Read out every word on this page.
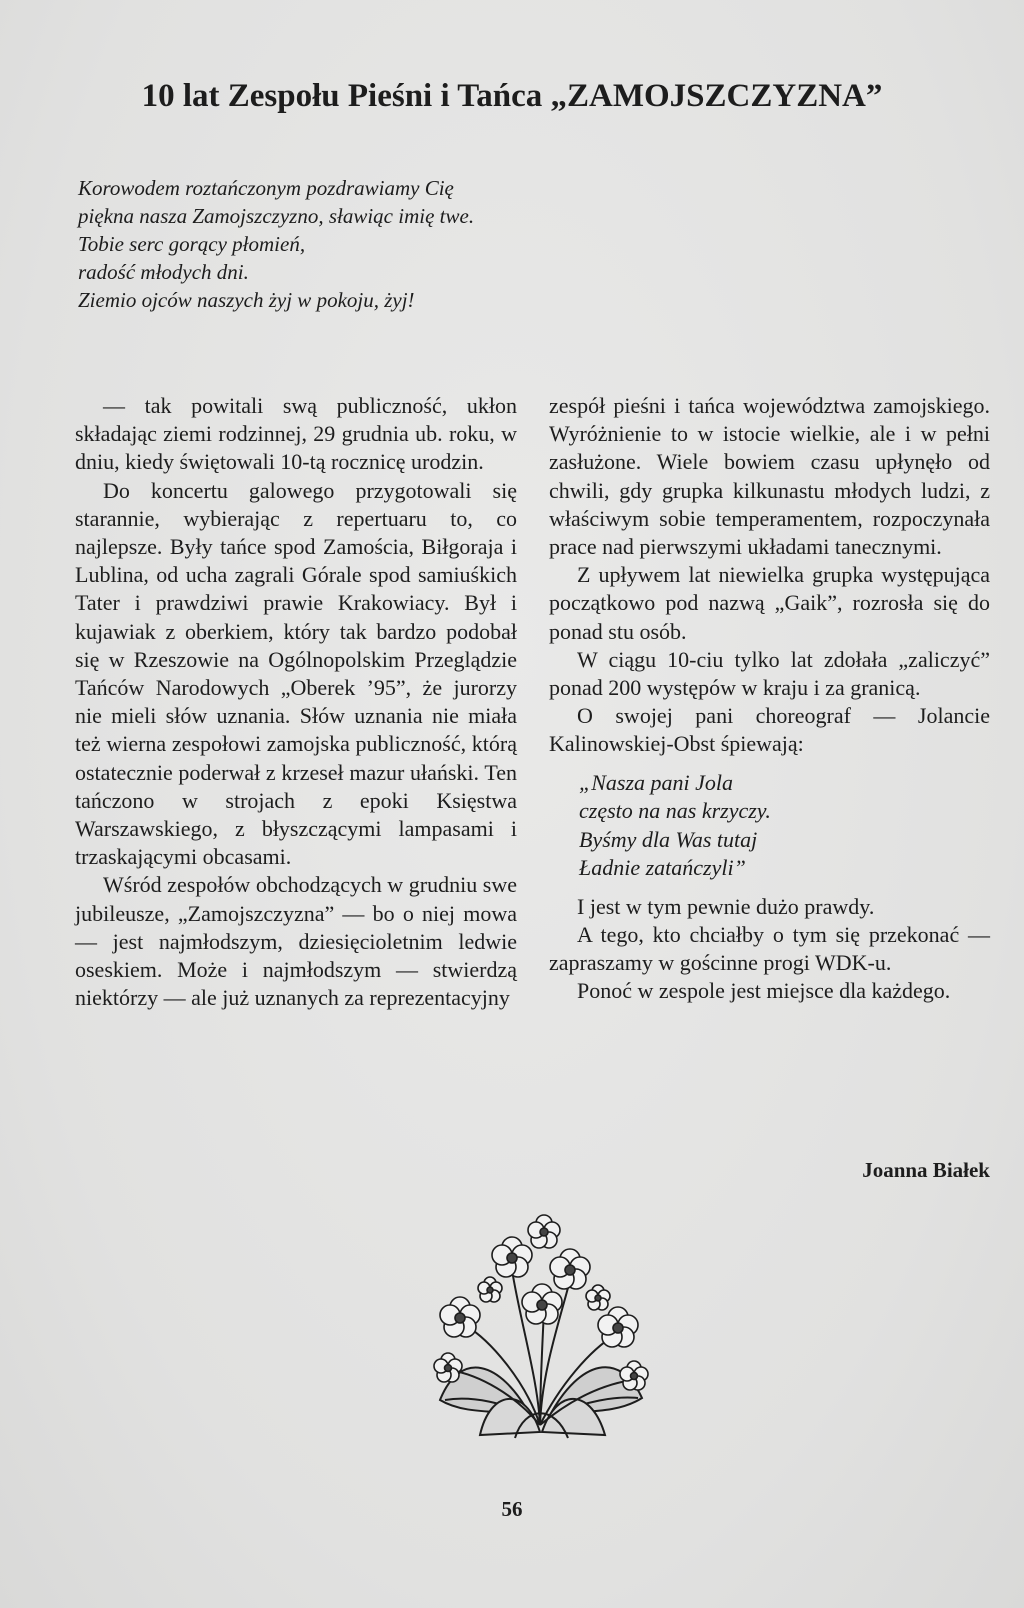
10 lat Zespołu Pieśni i Tańca „ZAMOJSZCZYZNA”
Korowodem roztańczonym pozdrawiamy Cię
piękna nasza Zamojszczyzno, sławiąc imię twe.
Tobie serc gorący płomień,
radość młodych dni.
Ziemio ojców naszych żyj w pokoju, żyj!

— tak powitali swą publiczność, ukłon składając ziemi rodzinnej, 29 grudnia ub. roku, w dniu, kiedy świętowali 10-tą rocznicę urodzin.

Do koncertu galowego przygotowali się starannie, wybierając z repertuaru to, co najlepsze. Były tańce spod Zamościa, Biłgoraja i Lublina, od ucha zagrali Górale spod samiuśkich Tater i prawdziwi prawie Krakowiacy. Był i kujawiak z oberkiem, który tak bardzo podobał się w Rzeszowie na Ogólnopolskim Przeglądzie Tańców Narodowych „Oberek ’95”, że jurorzy nie mieli słów uznania. Słów uznania nie miała też wierna zespołowi zamojska publiczność, którą ostatecznie poderwał z krzeseł mazur ułański. Ten tańczono w strojach z epoki Księstwa Warszawskiego, z błyszczącymi lampasami i trzaskającymi obcasami.

Wśród zespołów obchodzących w grudniu swe jubileusze, „Zamojszczyzna” — bo o niej mowa — jest najmłodszym, dziesięcioletnim ledwie oseskiem. Może i najmłodszym — stwierdzą niektórzy — ale już uznanych za reprezentacyjny

zespół pieśni i tańca województwa zamojskiego. Wyróżnienie to w istocie wielkie, ale i w pełni zasłużone. Wiele bowiem czasu upłynęło od chwili, gdy grupka kilkunastu młodych ludzi, z właściwym sobie temperamentem, rozpoczynała prace nad pierwszymi układami tanecznymi.

Z upływem lat niewielka grupka występująca początkowo pod nazwą „Gaik”, rozrosła się do ponad stu osób.

W ciągu 10-ciu tylko lat zdołała „zaliczyć” ponad 200 występów w kraju i za granicą.

O swojej pani choreograf — Jolancie Kalinowskiej-Obst śpiewają:

„Nasza pani Jola
często na nas krzyczy.
Byśmy dla Was tutaj
Ładnie zatańczyli”

I jest w tym pewnie dużo prawdy.

A tego, kto chciałby o tym się przekonać — zapraszamy w gościnne progi WDK-u.

Ponoć w zespole jest miejsce dla każdego.

Joanna Białek
56
